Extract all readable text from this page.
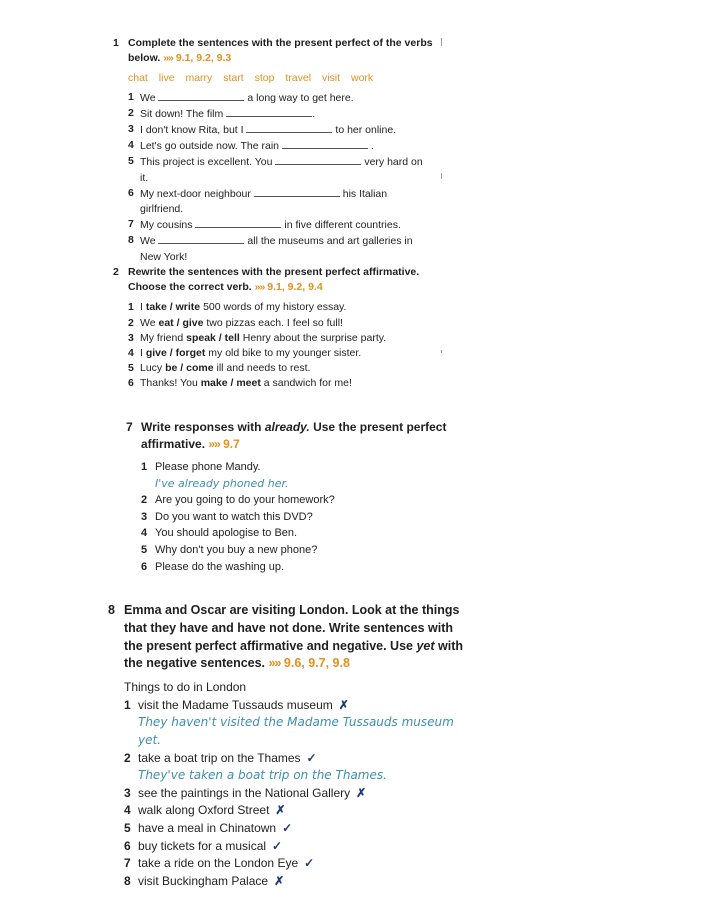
1 Complete the sentences with the present perfect of the verbs below. »» 9.1, 9.2, 9.3
chat live marry start stop travel visit work
1 We	a long way to get here.
2 Sit down! The film	.
3 I don't know Rita, but I	to her online.
4 Let's go outside now. The rain	.
5 This project is excellent. You	very hard on it.
6 My next-door neighbour	his Italian girlfriend.
7 My cousins	in five different countries.
8 We	all the museums and art galleries in New York!
2 Rewrite the sentences with the present perfect affirmative. Choose the correct verb. »» 9.1, 9.2, 9.4
1 I take / write 500 words of my history essay.
2 We eat / give two pizzas each. I feel so full!
3 My friend speak / tell Henry about the surprise party.
4 I give / forget my old bike to my younger sister.
5 Lucy be / come ill and needs to rest.
6 Thanks! You make / meet a sandwich for me!
7 Write responses with already. Use the present perfect affirmative. »» 9.7
1 Please phone Mandy.
I've already phoned her.
2 Are you going to do your homework?
3 Do you want to watch this DVD?
4 You should apologise to Ben.
5 Why don't you buy a new phone?
6 Please do the washing up.
8 Emma and Oscar are visiting London. Look at the things that they have and have not done. Write sentences with the present perfect affirmative and negative. Use yet with the negative sentences. »» 9.6, 9.7, 9.8
Things to do in London
1 visit the Madame Tussauds museum ✗
They haven't visited the Madame Tussauds museum yet.
2 take a boat trip on the Thames ✓
They've taken a boat trip on the Thames.
3 see the paintings in the National Gallery ✗
4 walk along Oxford Street ✗
5 have a meal in Chinatown ✓
6 buy tickets for a musical ✓
7 take a ride on the London Eye ✓
8 visit Buckingham Palace ✗
